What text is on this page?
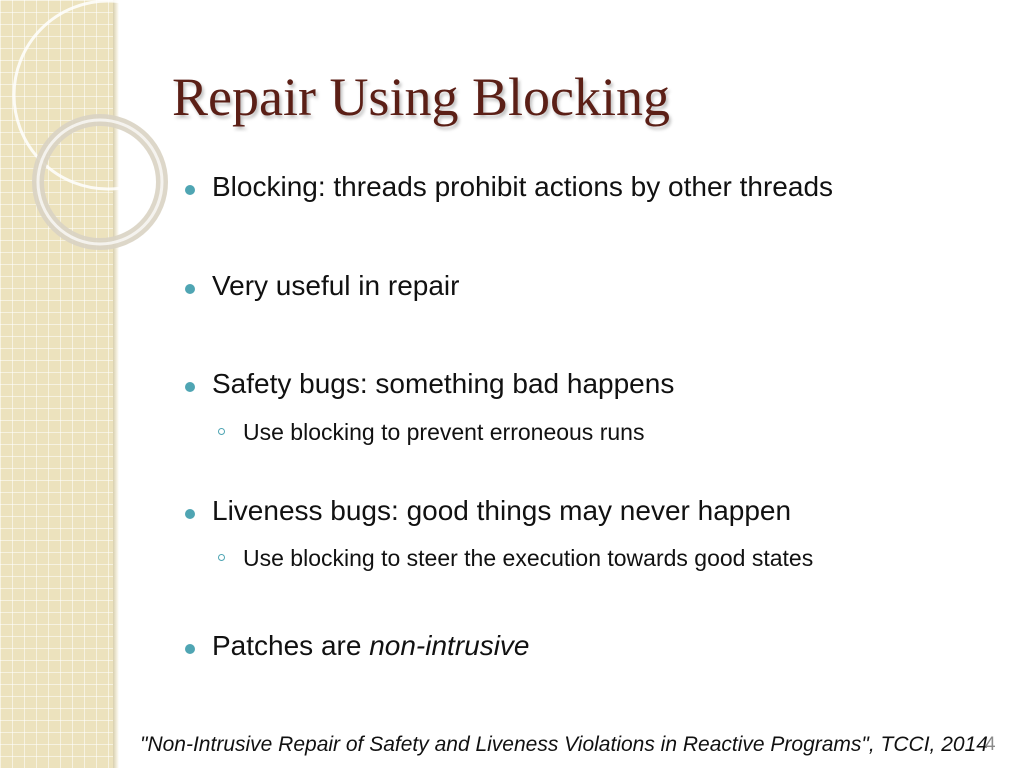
Repair Using Blocking
Blocking: threads prohibit actions by other threads
Very useful in repair
Safety bugs: something bad happens
Use blocking to prevent erroneous runs
Liveness bugs: good things may never happen
Use blocking to steer the execution towards good states
Patches are non-intrusive
"Non-Intrusive Repair of Safety and Liveness Violations in Reactive Programs", TCCI, 2014
4
